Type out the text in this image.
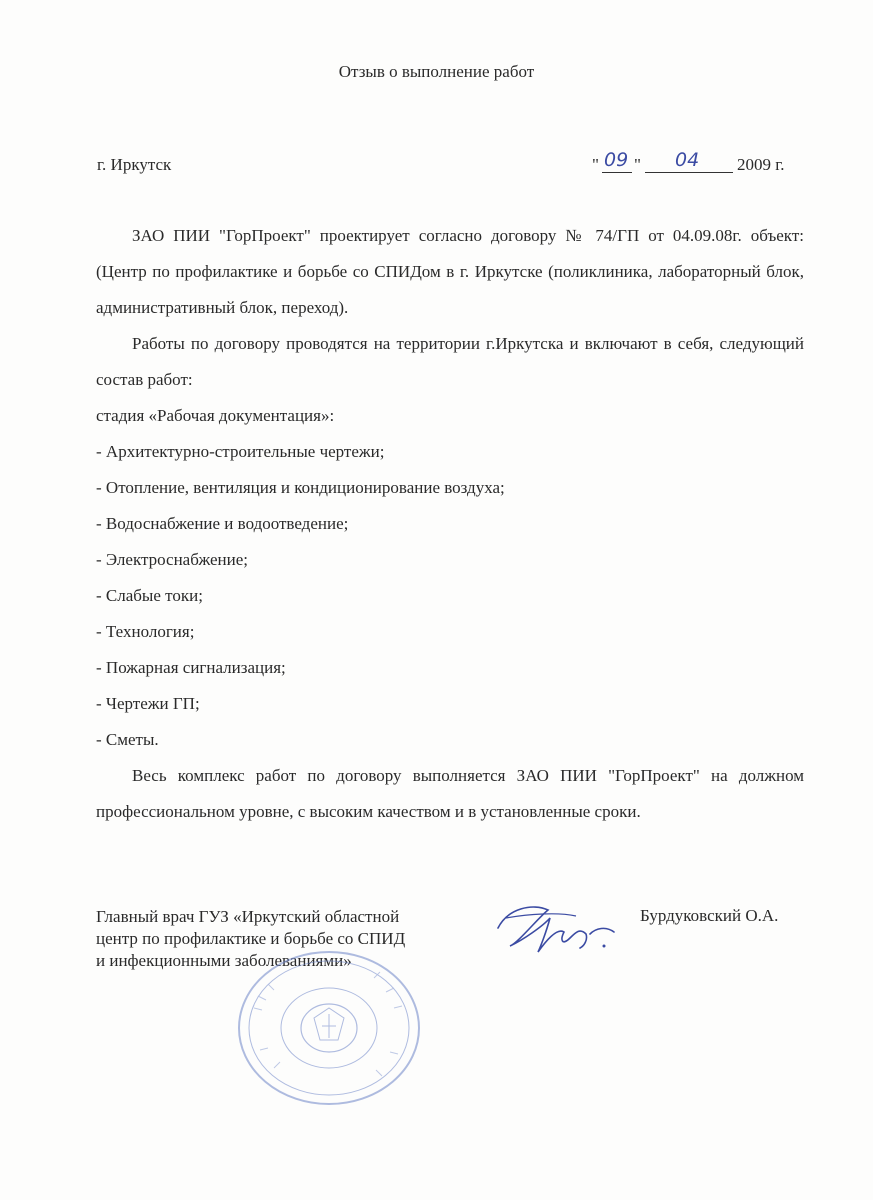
Отзыв о выполнение работ
г. Иркутск	" 09 " 04 2009 г.

ЗАО ПИИ "ГорПроект" проектирует согласно договору № 74/ГП от 04.09.08г. объект: (Центр по профилактике и борьбе со СПИДом в г. Иркутске (поликлиника, лабораторный блок, административный блок, переход).

Работы по договору проводятся на территории г.Иркутска и включают в себя, следующий состав работ:

стадия «Рабочая документация»:

- Архитектурно-строительные чертежи;

- Отопление, вентиляция и кондиционирование воздуха;

- Водоснабжение и водоотведение;

- Электроснабжение;

- Слабые токи;

- Технология;

- Пожарная сигнализация;

- Чертежи ГП;

- Сметы.

Весь комплекс работ по договору выполняется ЗАО ПИИ "ГорПроект" на должном профессиональном уровне, с высоким качеством и в установленные сроки.

Главный врач ГУЗ «Иркутский областной
центр по профилактике и борьбе со СПИД
и инфекционными заболеваниями»
Бурдуковский О.А.
